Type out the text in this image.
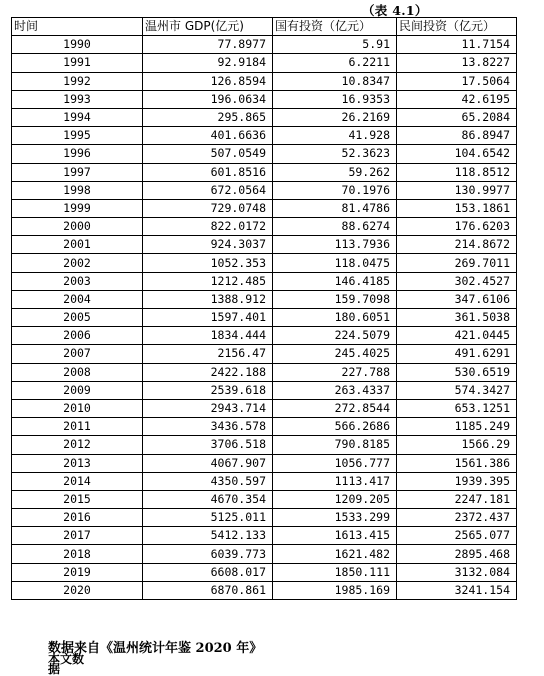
（表 4.1）
时间	温州市 GDP(亿元)	国有投资（亿元）	民间投资（亿元）
1990	77.8977	5.91	11.7154
1991	92.9184	6.2211	13.8227
1992	126.8594	10.8347	17.5064
1993	196.0634	16.9353	42.6195
1994	295.865	26.2169	65.2084
1995	401.6636	41.928	86.8947
1996	507.0549	52.3623	104.6542
1997	601.8516	59.262	118.8512
1998	672.0564	70.1976	130.9977
1999	729.0748	81.4786	153.1861
2000	822.0172	88.6274	176.6203
2001	924.3037	113.7936	214.8672
2002	1052.353	118.0475	269.7011
2003	1212.485	146.4185	302.4527
2004	1388.912	159.7098	347.6106
2005	1597.401	180.6051	361.5038
2006	1834.444	224.5079	421.0445
2007	2156.47	245.4025	491.6291
2008	2422.188	227.788	530.6519
2009	2539.618	263.4337	574.3427
2010	2943.714	272.8544	653.1251
2011	3436.578	566.2686	1185.249
2012	3706.518	790.8185	1566.29
2013	4067.907	1056.777	1561.386
2014	4350.597	1113.417	1939.395
2015	4670.354	1209.205	2247.181
2016	5125.011	1533.299	2372.437
2017	5412.133	1613.415	2565.077
2018	6039.773	1621.482	2895.468
2019	6608.017	1850.111	3132.084
2020	6870.861	1985.169	3241.154
数据来自《温州统计年鉴 2020 年》
本文数据
